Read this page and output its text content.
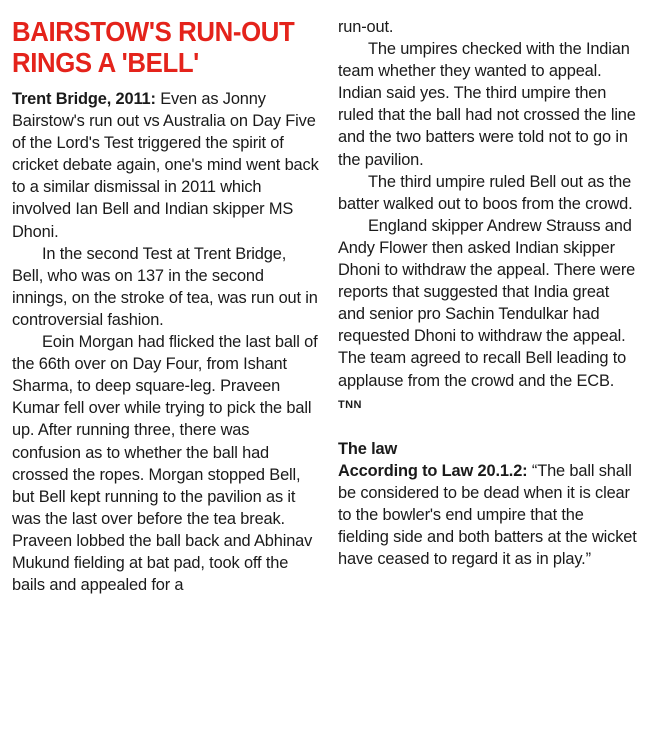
BAIRSTOW'S RUN-OUT RINGS A 'BELL'

Trent Bridge, 2011: Even as Jonny Bairstow's run out vs Australia on Day Five of the Lord's Test triggered the spirit of cricket debate again, one's mind went back to a similar dismissal in 2011 which involved Ian Bell and Indian skipper MS Dhoni.

In the second Test at Trent Bridge, Bell, who was on 137 in the second innings, on the stroke of tea, was run out in controversial fashion.

Eoin Morgan had flicked the last ball of the 66th over on Day Four, from Ishant Sharma, to deep square-leg. Praveen Kumar fell over while trying to pick the ball up. After running three, there was confusion as to whether the ball had crossed the ropes. Morgan stopped Bell, but Bell kept running to the pavilion as it was the last over before the tea break. Praveen lobbed the ball back and Abhinav Mukund fielding at bat pad, took off the bails and appealed for a

run-out.

The umpires checked with the Indian team whether they wanted to appeal. Indian said yes. The third umpire then ruled that the ball had not crossed the line and the two batters were told not to go in the pavilion.

The third umpire ruled Bell out as the batter walked out to boos from the crowd.

England skipper Andrew Strauss and Andy Flower then asked Indian skipper Dhoni to withdraw the appeal. There were reports that suggested that India great and senior pro Sachin Tendulkar had requested Dhoni to withdraw the appeal. The team agreed to recall Bell leading to applause from the crowd and the ECB. TNN

The law

According to Law 20.1.2: “The ball shall be considered to be dead when it is clear to the bowler's end umpire that the fielding side and both batters at the wicket have ceased to regard it as in play.”
